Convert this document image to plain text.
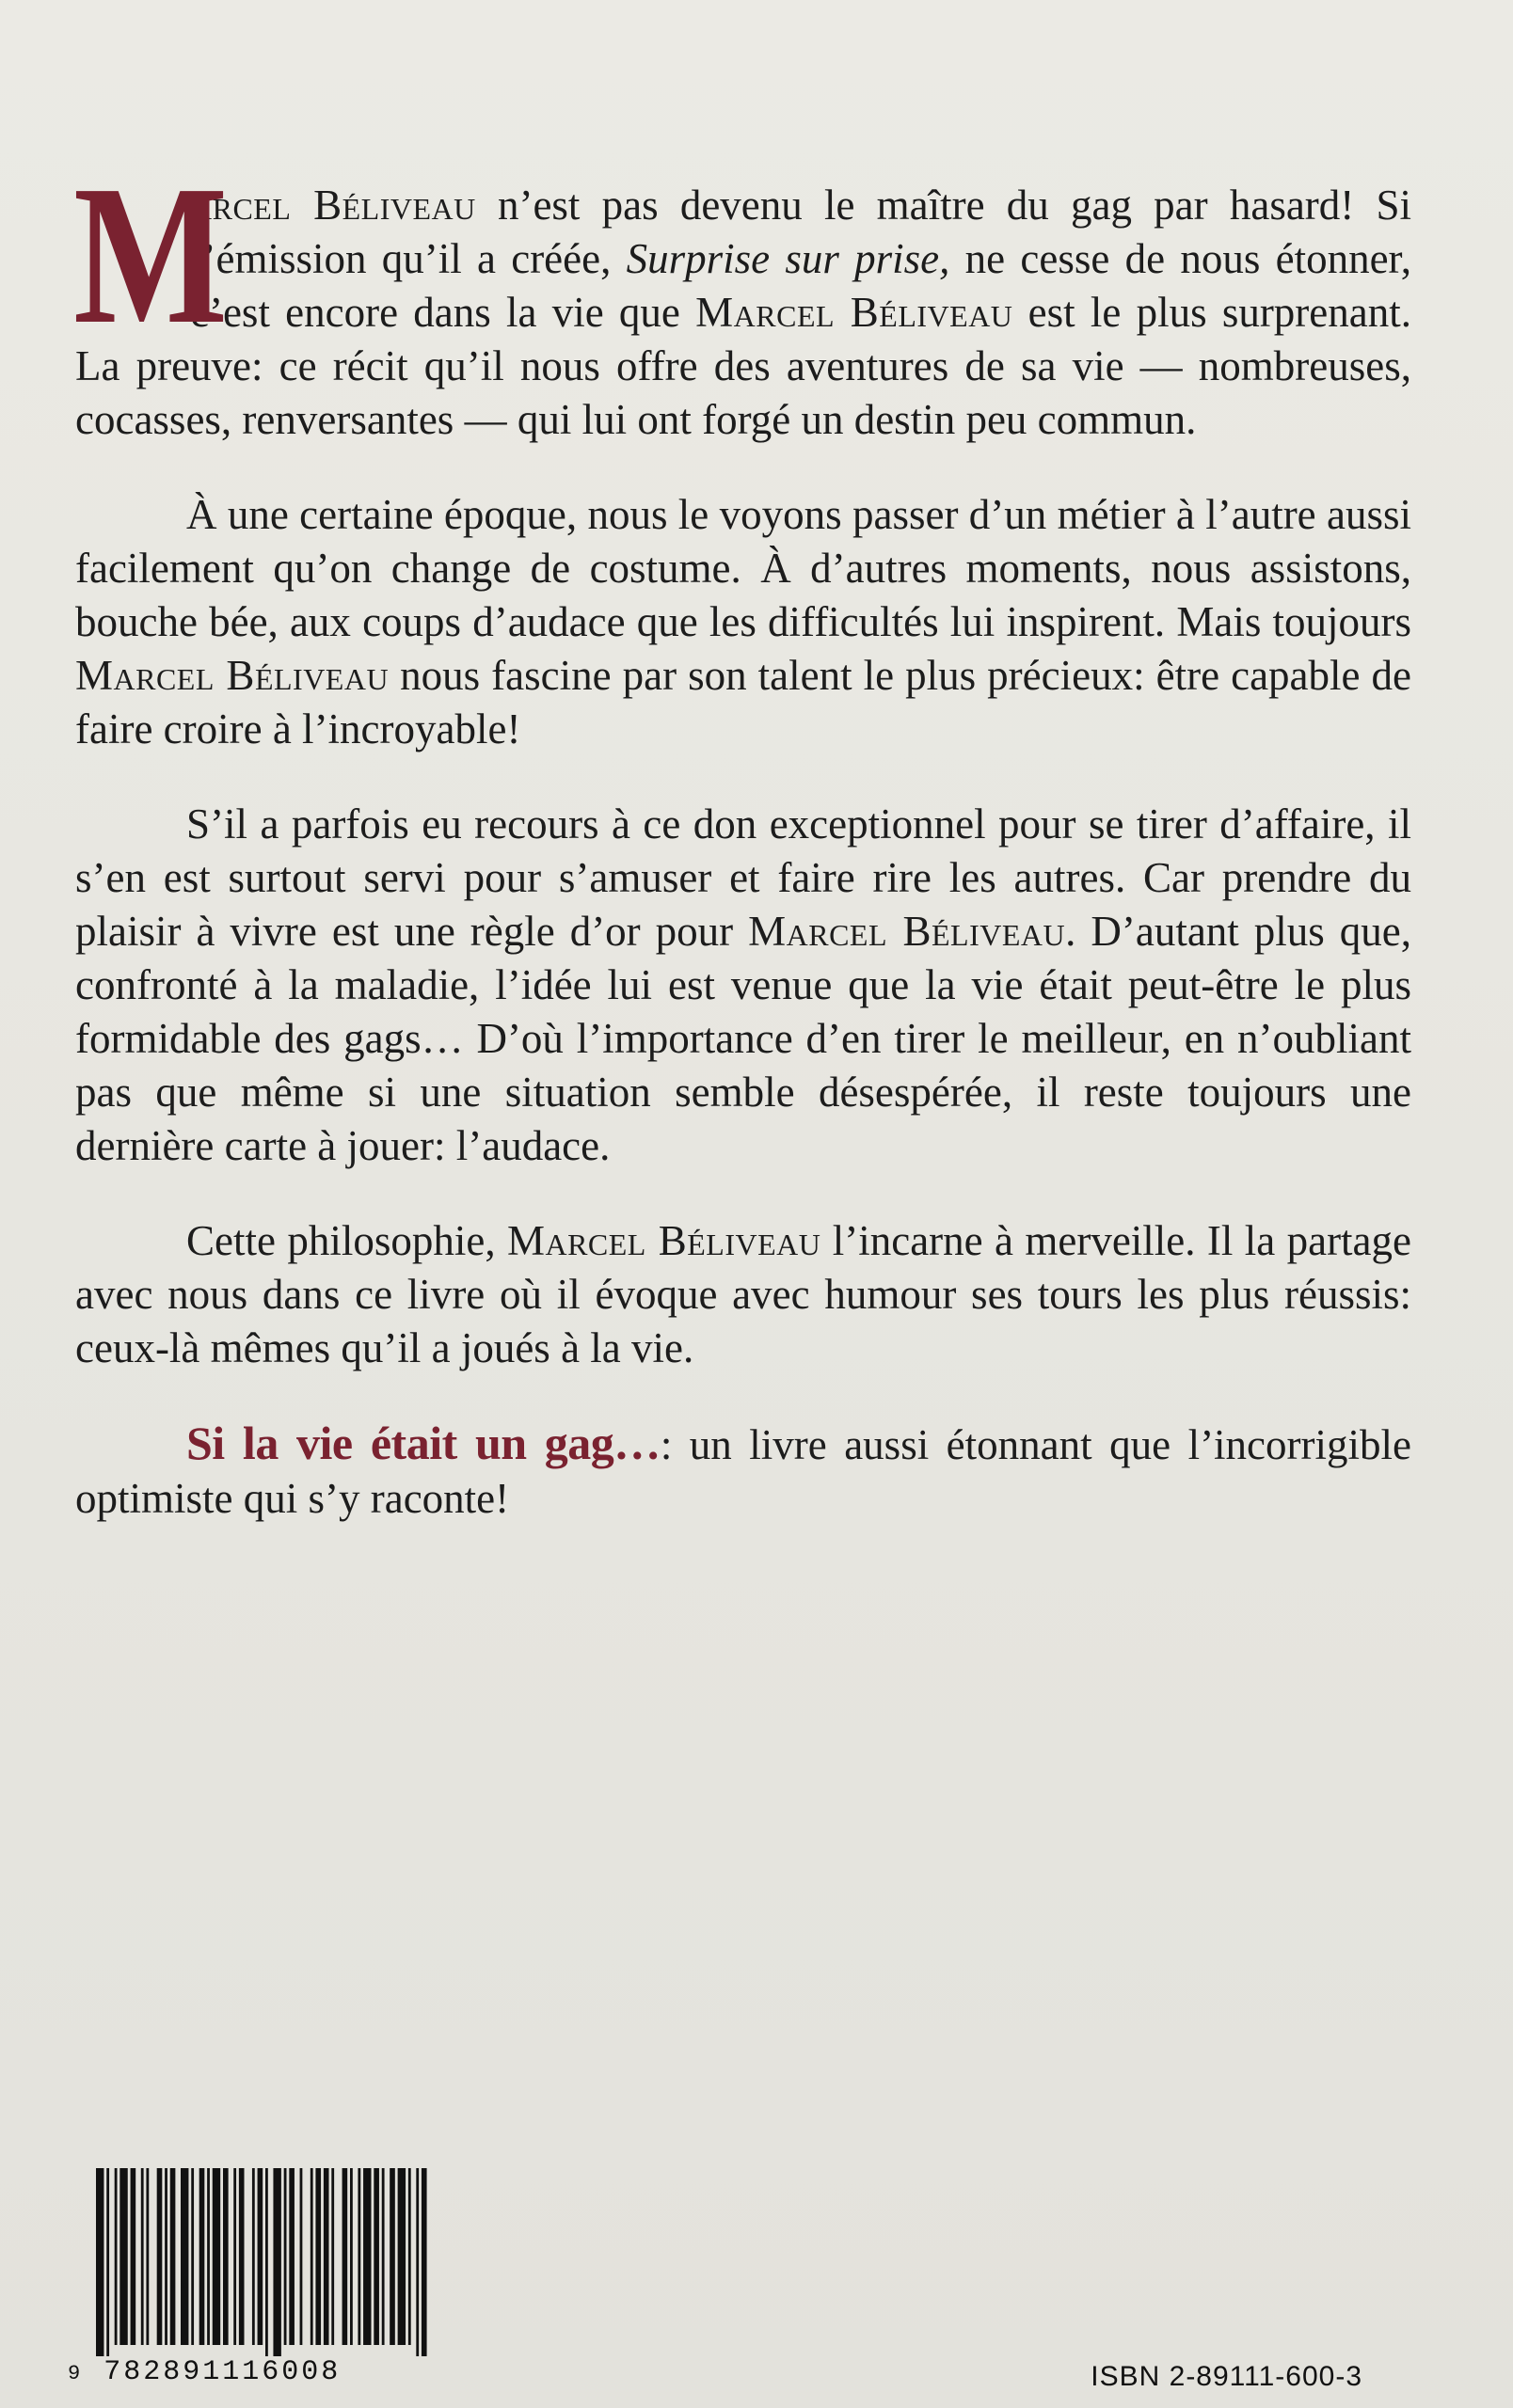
M
arcel Béliveau n’est pas devenu le maître du gag par hasard! Si l’émission qu’il a créée, Surprise sur prise, ne cesse de nous étonner, c’est encore dans la vie que Marcel Béliveau est le plus surprenant. La preuve: ce récit qu’il nous offre des aventures de sa vie — nombreuses, cocasses, renversantes — qui lui ont forgé un destin peu commun.

À une certaine époque, nous le voyons passer d’un métier à l’autre aussi facilement qu’on change de costume. À d’autres moments, nous assistons, bouche bée, aux coups d’audace que les difficultés lui inspirent. Mais toujours Marcel Béliveau nous fascine par son talent le plus précieux: être capable de faire croire à l’incroyable!

S’il a parfois eu recours à ce don exceptionnel pour se tirer d’affaire, il s’en est surtout servi pour s’amuser et faire rire les autres. Car prendre du plaisir à vivre est une règle d’or pour Marcel Béliveau. D’autant plus que, confronté à la maladie, l’idée lui est venue que la vie était peut-être le plus formidable des gags… D’où l’importance d’en tirer le meilleur, en n’oubliant pas que même si une situation semble désespérée, il reste toujours une dernière carte à jouer: l’audace.

Cette philosophie, Marcel Béliveau l’incarne à merveille. Il la partage avec nous dans ce livre où il évoque avec humour ses tours les plus réussis: ceux-là mêmes qu’il a joués à la vie.

Si la vie était un gag…: un livre aussi étonnant que l’incorrigible optimiste qui s’y raconte!

9 782891116008	ISBN 2-89111-600-3
